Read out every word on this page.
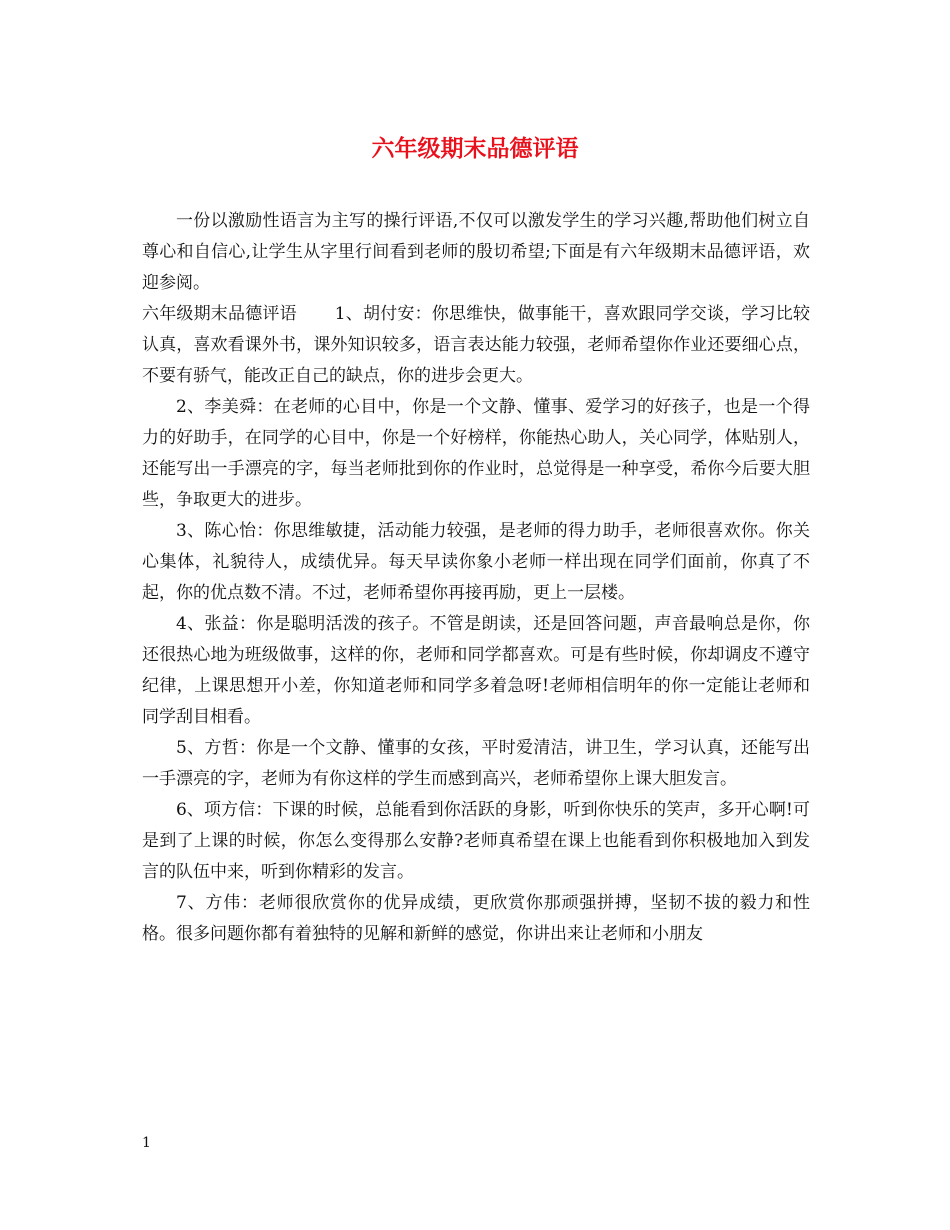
六年级期末品德评语

一份以激励性语言为主写的操行评语,不仅可以激发学生的学习兴趣,帮助他们树立自尊心和自信心,让学生从字里行间看到老师的殷切希望;下面是有六年级期末品德评语，欢迎参阅。

六年级期末品德评语 1、胡付安：你思维快，做事能干，喜欢跟同学交谈，学习比较认真，喜欢看课外书，课外知识较多，语言表达能力较强，老师希望你作业还要细心点，不要有骄气，能改正自己的缺点，你的进步会更大。

2、李美舜：在老师的心目中，你是一个文静、懂事、爱学习的好孩子，也是一个得力的好助手，在同学的心目中，你是一个好榜样，你能热心助人，关心同学，体贴别人，还能写出一手漂亮的字，每当老师批到你的作业时，总觉得是一种享受，希你今后要大胆些，争取更大的进步。

3、陈心怡：你思维敏捷，活动能力较强，是老师的得力助手，老师很喜欢你。你关心集体，礼貌待人，成绩优异。每天早读你象小老师一样出现在同学们面前，你真了不起，你的优点数不清。不过，老师希望你再接再励，更上一层楼。

4、张益：你是聪明活泼的孩子。不管是朗读，还是回答问题，声音最响总是你，你还很热心地为班级做事，这样的你，老师和同学都喜欢。可是有些时候，你却调皮不遵守纪律，上课思想开小差，你知道老师和同学多着急呀!老师相信明年的你一定能让老师和同学刮目相看。

5、方哲：你是一个文静、懂事的女孩，平时爱清洁，讲卫生，学习认真，还能写出一手漂亮的字，老师为有你这样的学生而感到高兴，老师希望你上课大胆发言。

6、项方信：下课的时候，总能看到你活跃的身影，听到你快乐的笑声，多开心啊!可是到了上课的时候，你怎么变得那么安静?老师真希望在课上也能看到你积极地加入到发言的队伍中来，听到你精彩的发言。

7、方伟：老师很欣赏你的优异成绩，更欣赏你那顽强拼搏，坚韧不拔的毅力和性格。很多问题你都有着独特的见解和新鲜的感觉，你讲出来让老师和小朋友

1
